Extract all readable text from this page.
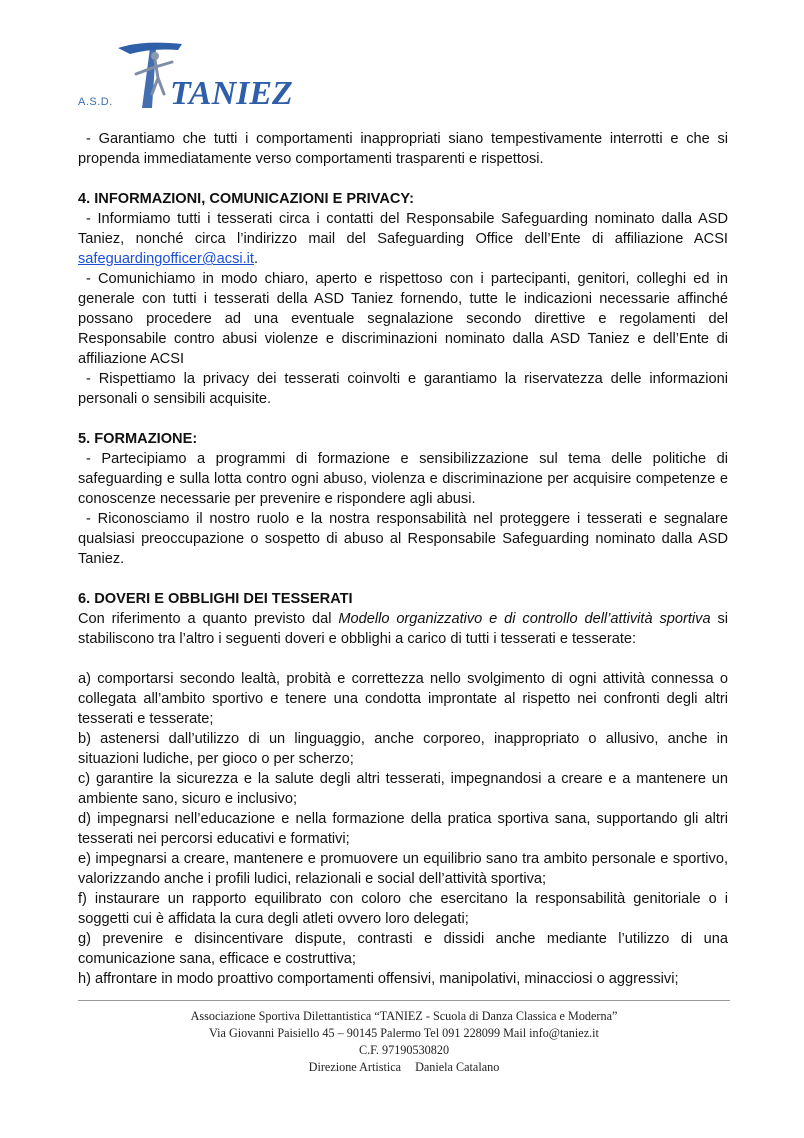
A.S.D. TANIEZ

- Garantiamo che tutti i comportamenti inappropriati siano tempestivamente interrotti e che si propenda immediatamente verso comportamenti trasparenti e rispettosi.

4. INFORMAZIONI, COMUNICAZIONI E PRIVACY:

- Informiamo tutti i tesserati circa i contatti del Responsabile Safeguarding nominato dalla ASD Taniez, nonché circa l’indirizzo mail del Safeguarding Office dell’Ente di affiliazione ACSI safeguardingofficer@acsi.it.

- Comunichiamo in modo chiaro, aperto e rispettoso con i partecipanti, genitori, colleghi ed in generale con tutti i tesserati della ASD Taniez fornendo, tutte le indicazioni necessarie affinché possano procedere ad una eventuale segnalazione secondo direttive e regolamenti del Responsabile contro abusi violenze e discriminazioni nominato dalla ASD Taniez e dell’Ente di affiliazione ACSI

- Rispettiamo la privacy dei tesserati coinvolti e garantiamo la riservatezza delle informazioni personali o sensibili acquisite.

5. FORMAZIONE:

- Partecipiamo a programmi di formazione e sensibilizzazione sul tema delle politiche di safeguarding e sulla lotta contro ogni abuso, violenza e discriminazione per acquisire competenze e conoscenze necessarie per prevenire e rispondere agli abusi.

- Riconosciamo il nostro ruolo e la nostra responsabilità nel proteggere i tesserati e segnalare qualsiasi preoccupazione o sospetto di abuso al Responsabile Safeguarding nominato dalla ASD Taniez.

6. DOVERI E OBBLIGHI DEI TESSERATI

Con riferimento a quanto previsto dal Modello organizzativo e di controllo dell’attività sportiva si stabiliscono tra l’altro i seguenti doveri e obblighi a carico di tutti i tesserati e tesserate:

a) comportarsi secondo lealtà, probità e correttezza nello svolgimento di ogni attività connessa o collegata all’ambito sportivo e tenere una condotta improntate al rispetto nei confronti degli altri tesserati e tesserate;

b) astenersi dall’utilizzo di un linguaggio, anche corporeo, inappropriato o allusivo, anche in situazioni ludiche, per gioco o per scherzo;

c) garantire la sicurezza e la salute degli altri tesserati, impegnandosi a creare e a mantenere un ambiente sano, sicuro e inclusivo;

d) impegnarsi nell’educazione e nella formazione della pratica sportiva sana, supportando gli altri tesserati nei percorsi educativi e formativi;

e) impegnarsi a creare, mantenere e promuovere un equilibrio sano tra ambito personale e sportivo, valorizzando anche i profili ludici, relazionali e social dell’attività sportiva;

f) instaurare un rapporto equilibrato con coloro che esercitano la responsabilità genitoriale o i soggetti cui è affidata la cura degli atleti ovvero loro delegati;

g) prevenire e disincentivare dispute, contrasti e dissidi anche mediante l’utilizzo di una comunicazione sana, efficace e costruttiva;

h) affrontare in modo proattivo comportamenti offensivi, manipolativi, minacciosi o aggressivi;

Associazione Sportiva Dilettantistica “TANIEZ - Scuola di Danza Classica e Moderna”
Via Giovanni Paisiello 45 – 90145 Palermo Tel 091 228099 Mail info@taniez.it
C.F. 97190530820
Direzione Artistica Daniela Catalano
